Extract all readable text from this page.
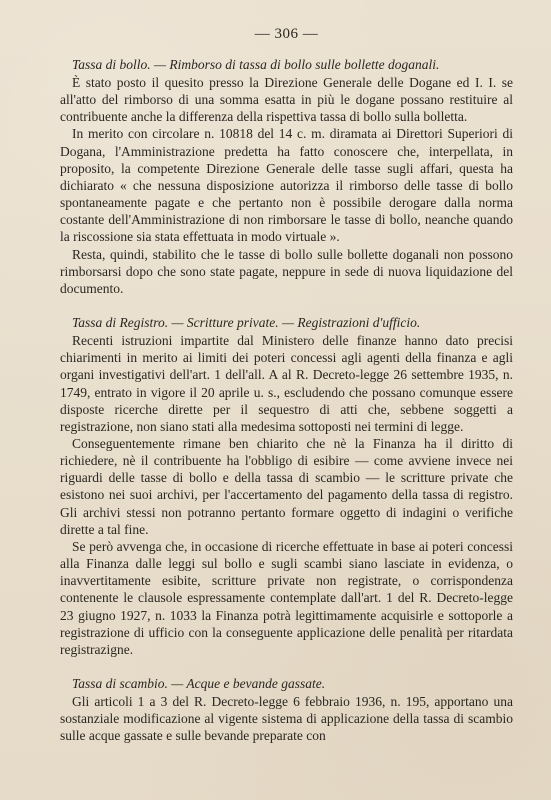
— 306 —

Tassa di bollo. — Rimborso di tassa di bollo sulle bollette doganali.

È stato posto il quesito presso la Direzione Generale delle Dogane ed I. I. se all'atto del rimborso di una somma esatta in più le dogane possano restituire al contribuente anche la differenza della rispettiva tassa di bollo sulla bolletta.

In merito con circolare n. 10818 del 14 c. m. diramata ai Direttori Superiori di Dogana, l'Amministrazione predetta ha fatto conoscere che, interpellata, in proposito, la competente Direzione Generale delle tasse sugli affari, questa ha dichiarato « che nessuna disposizione autorizza il rimborso delle tasse di bollo spontaneamente pagate e che pertanto non è possibile derogare dalla norma costante dell'Amministrazione di non rimborsare le tasse di bollo, neanche quando la riscossione sia stata effettuata in modo virtuale ».

Resta, quindi, stabilito che le tasse di bollo sulle bollette doganali non possono rimborsarsi dopo che sono state pagate, neppure in sede di nuova liquidazione del documento.

Tassa di Registro. — Scritture private. — Registrazioni d'ufficio.

Recenti istruzioni impartite dal Ministero delle finanze hanno dato precisi chiarimenti in merito ai limiti dei poteri concessi agli agenti della finanza e agli organi investigativi dell'art. 1 dell'all. A al R. Decreto-legge 26 settembre 1935, n. 1749, entrato in vigore il 20 aprile u. s., escludendo che possano comunque essere disposte ricerche dirette per il sequestro di atti che, sebbene soggetti a registrazione, non siano stati alla medesima sottoposti nei termini di legge.

Conseguentemente rimane ben chiarito che nè la Finanza ha il diritto di richiedere, nè il contribuente ha l'obbligo di esibire — come avviene invece nei riguardi delle tasse di bollo e della tassa di scambio — le scritture private che esistono nei suoi archivi, per l'accertamento del pagamento della tassa di registro. Gli archivi stessi non potranno pertanto formare oggetto di indagini o verifiche dirette a tal fine.

Se però avvenga che, in occasione di ricerche effettuate in base ai poteri concessi alla Finanza dalle leggi sul bollo e sugli scambi siano lasciate in evidenza, o inavvertitamente esibite, scritture private non registrate, o corrispondenza contenente le clausole espressamente contemplate dall'art. 1 del R. Decreto-legge 23 giugno 1927, n. 1033 la Finanza potrà legittimamente acquisirle e sottoporle a registrazione di ufficio con la conseguente applicazione delle penalità per ritardata registrazigne.

Tassa di scambio. — Acque e bevande gassate.

Gli articoli 1 a 3 del R. Decreto-legge 6 febbraio 1936, n. 195, apportano una sostanziale modificazione al vigente sistema di applicazione della tassa di scambio sulle acque gassate e sulle bevande preparate con
